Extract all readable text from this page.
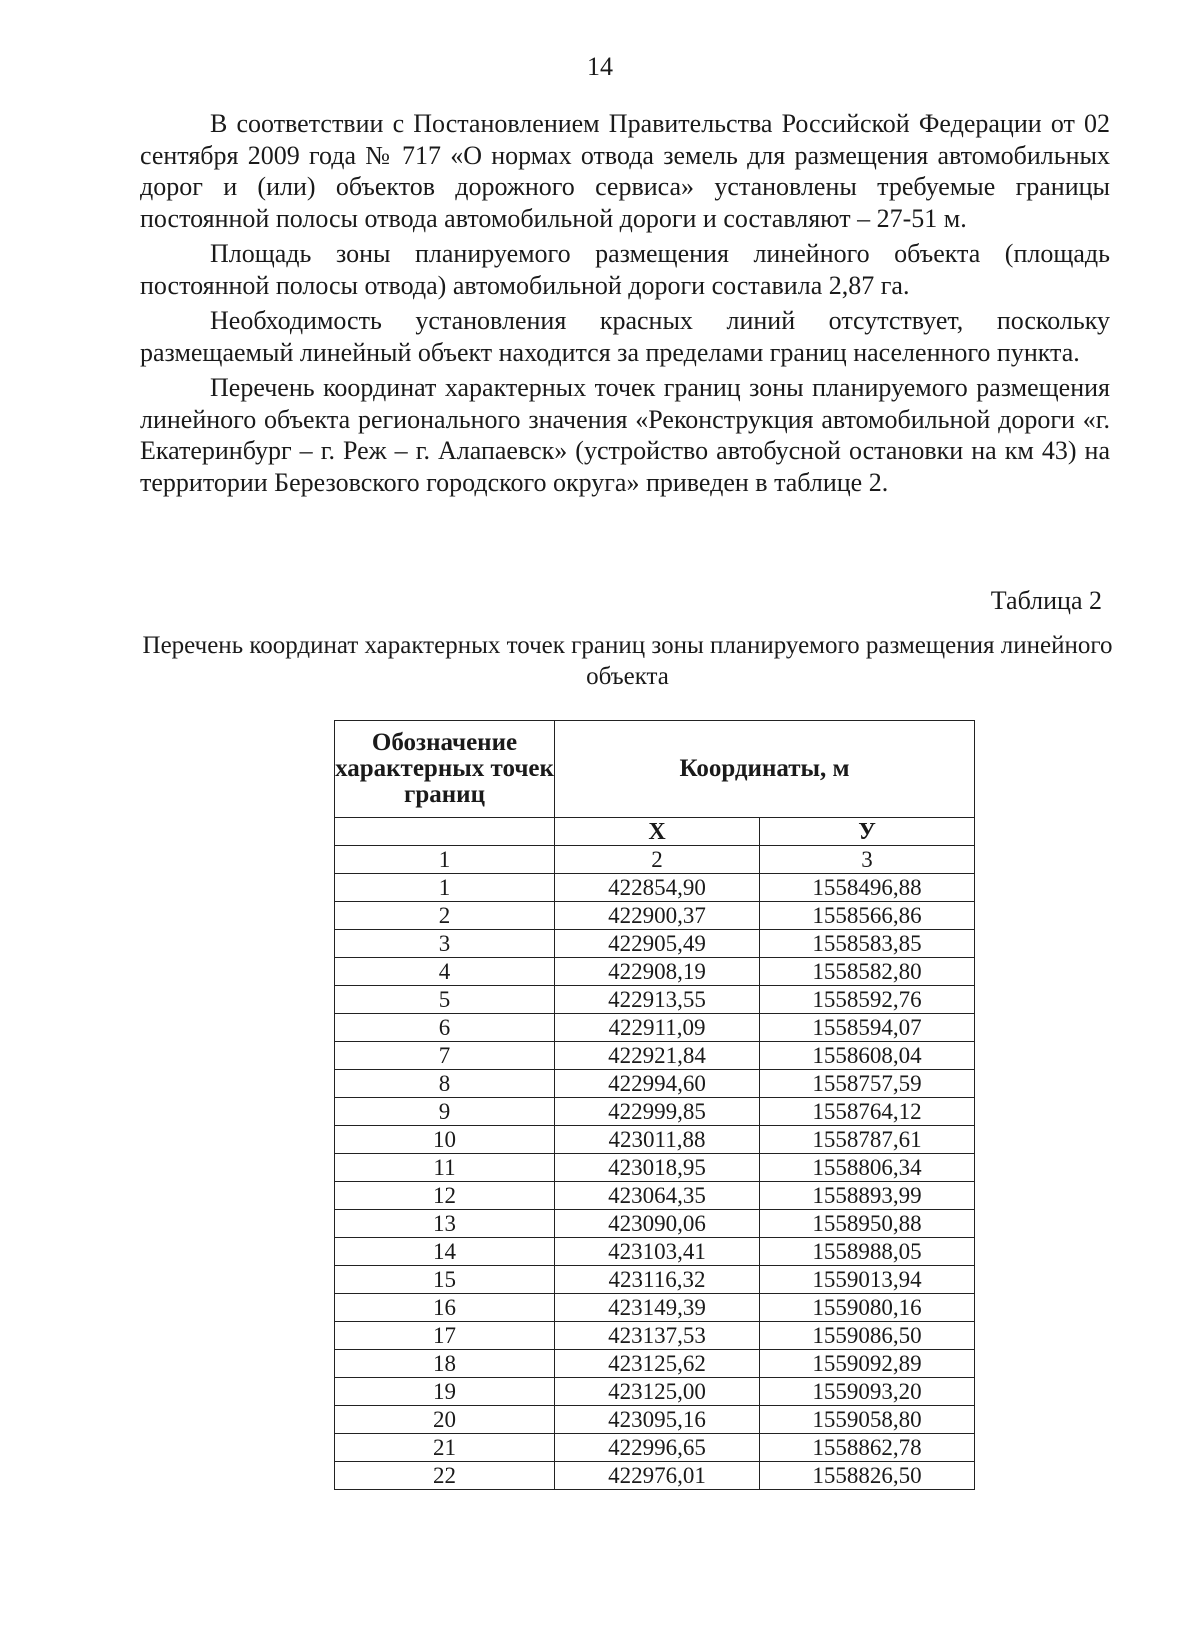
14

В соответствии с Постановлением Правительства Российской Федерации от 02 сентября 2009 года № 717 «О нормах отвода земель для размещения автомобильных дорог и (или) объектов дорожного сервиса» установлены требуемые границы постоянной полосы отвода автомобильной дороги и составляют – 27-51 м.

Площадь зоны планируемого размещения линейного объекта (площадь постоянной полосы отвода) автомобильной дороги составила 2,87 га.

Необходимость установления красных линий отсутствует, поскольку размещаемый линейный объект находится за пределами границ населенного пункта.

Перечень координат характерных точек границ зоны планируемого размещения линейного объекта регионального значения «Реконструкция автомобильной дороги «г. Екатеринбург – г. Реж – г. Алапаевск» (устройство автобусной остановки на км 43) на территории Березовского городского округа» приведен в таблице 2.

Таблица 2
Перечень координат характерных точек границ зоны планируемого размещения линейного объекта
Обозначение характерных точек границ	Координаты, м	
	Х	У
1	2	3
1	422854,90	1558496,88
2	422900,37	1558566,86
3	422905,49	1558583,85
4	422908,19	1558582,80
5	422913,55	1558592,76
6	422911,09	1558594,07
7	422921,84	1558608,04
8	422994,60	1558757,59
9	422999,85	1558764,12
10	423011,88	1558787,61
11	423018,95	1558806,34
12	423064,35	1558893,99
13	423090,06	1558950,88
14	423103,41	1558988,05
15	423116,32	1559013,94
16	423149,39	1559080,16
17	423137,53	1559086,50
18	423125,62	1559092,89
19	423125,00	1559093,20
20	423095,16	1559058,80
21	422996,65	1558862,78
22	422976,01	1558826,50
